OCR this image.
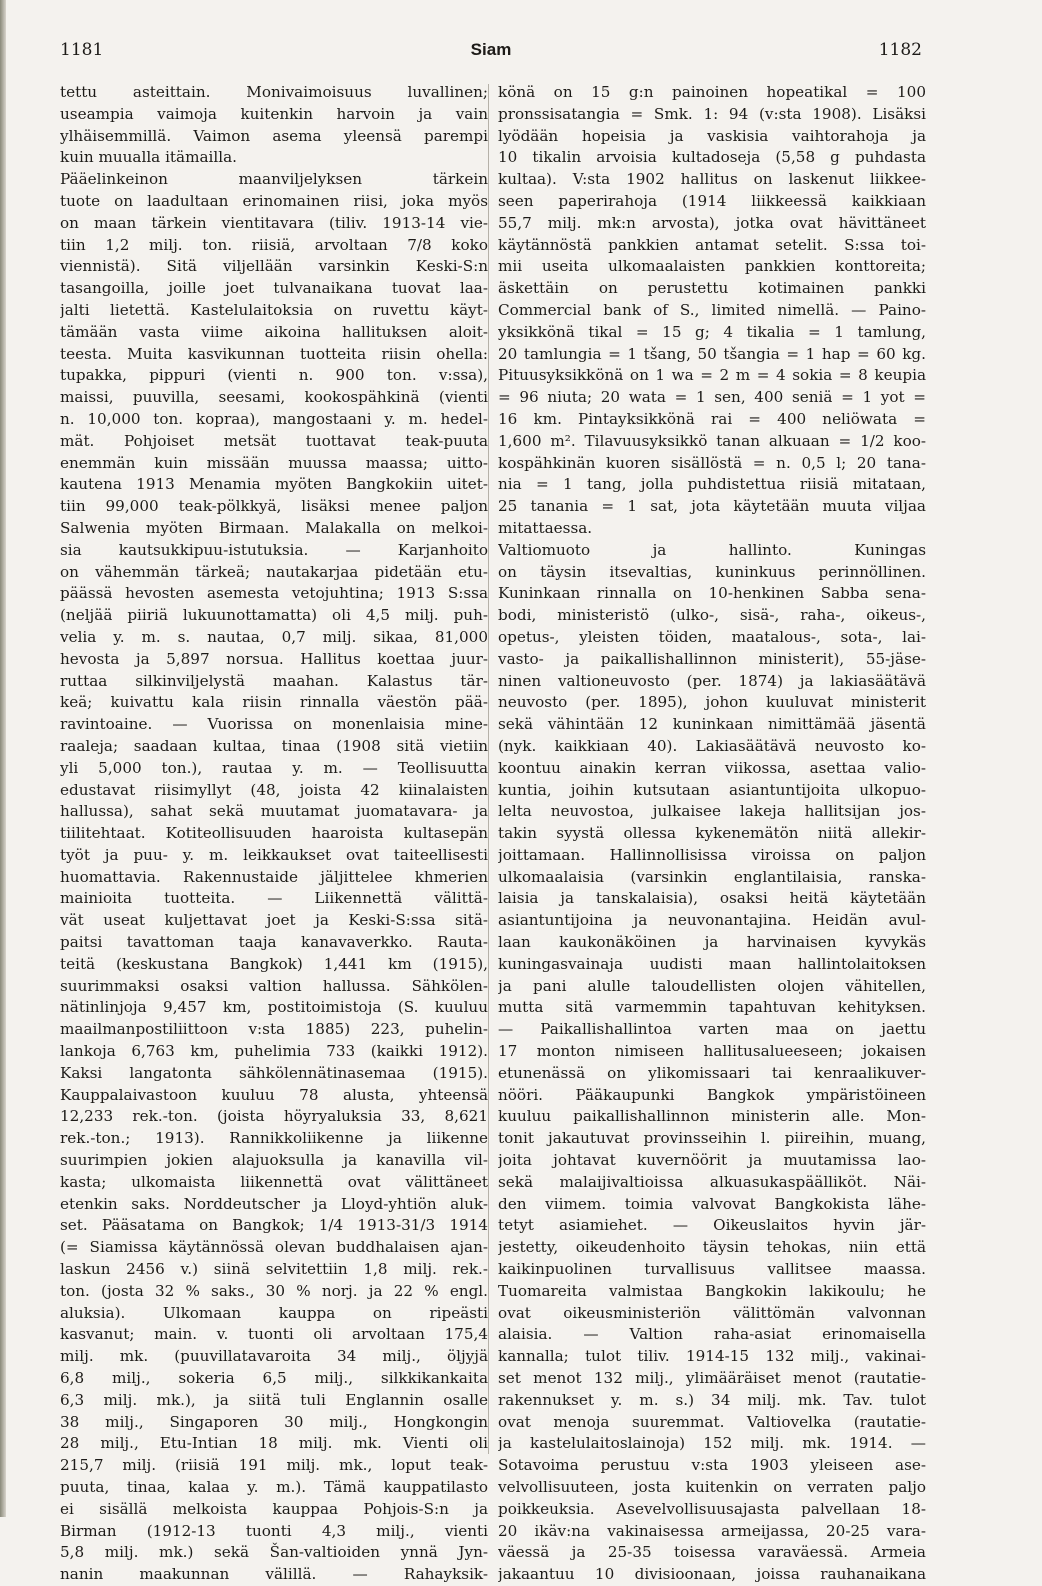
1181	Siam	1182
tettu asteittain. Monivaimoisuus luvallinen;
useampia vaimoja kuitenkin harvoin ja vain
ylhäisemmillä. Vaimon asema yleensä parempi
kuin muualla itämailla.
Pääelinkeinon maanviljelyksen tärkein
tuote on laadultaan erinomainen riisi, joka myös
on maan tärkein vientitavara (tiliv. 1913-14 vie-
tiin 1,2 milj. ton. riisiä, arvoltaan 7/8 koko
viennistä). Sitä viljellään varsinkin Keski-S:n
tasangoilla, joille joet tulvanaikana tuovat laa-
jalti lietettä. Kastelulaitoksia on ruvettu käyt-
tämään vasta viime aikoina hallituksen aloit-
teesta. Muita kasvikunnan tuotteita riisin ohella:
tupakka, pippuri (vienti n. 900 ton. v:ssa),
maissi, puuvilla, seesami, kookospähkinä (vienti
n. 10,000 ton. kopraa), mangostaani y. m. hedel-
mät. Pohjoiset metsät tuottavat teak-puuta
enemmän kuin missään muussa maassa; uitto-
kautena 1913 Menamia myöten Bangkokiin uitet-
tiin 99,000 teak-pölkkyä, lisäksi menee paljon
Salwenia myöten Birmaan. Malakalla on melkoi-
sia kautsukkipuu-istutuksia. — Karjanhoito
on vähemmän tärkeä; nautakarjaa pidetään etu-
päässä hevosten asemesta vetojuhtina; 1913 S:ssa
(neljää piiriä lukuunottamatta) oli 4,5 milj. puh-
velia y. m. s. nautaa, 0,7 milj. sikaa, 81,000
hevosta ja 5,897 norsua. Hallitus koettaa juur-
ruttaa silkinviljelystä maahan. Kalastus tär-
keä; kuivattu kala riisin rinnalla väestön pää-
ravintoaine. — Vuorissa on monenlaisia mine-
raaleja; saadaan kultaa, tinaa (1908 sitä vietiin
yli 5,000 ton.), rautaa y. m. — Teollisuutta
edustavat riisimyllyt (48, joista 42 kiinalaisten
hallussa), sahat sekä muutamat juomatavara- ja
tiilitehtaat. Kotiteollisuuden haaroista kultasepän
työt ja puu- y. m. leikkaukset ovat taiteellisesti
huomattavia. Rakennustaide jäljittelee khmerien
mainioita tuotteita. — Liikennettä välittä-
vät useat kuljettavat joet ja Keski-S:ssa sitä-
paitsi tavattoman taaja kanavaverkko. Rauta-
teitä (keskustana Bangkok) 1,441 km (1915),
suurimmaksi osaksi valtion hallussa. Sähkölen-
nätinlinjoja 9,457 km, postitoimistoja (S. kuuluu
maailmanpostiliittoon v:sta 1885) 223, puhelin-
lankoja 6,763 km, puhelimia 733 (kaikki 1912).
Kaksi langatonta sähkölennätinasemaa (1915).
Kauppalaivastoon kuuluu 78 alusta, yhteensä
12,233 rek.-ton. (joista höyryaluksia 33, 8,621
rek.-ton.; 1913). Rannikkoliikenne ja liikenne
suurimpien jokien alajuoksulla ja kanavilla vil-
kasta; ulkomaista liikennettä ovat välittäneet
etenkin saks. Norddeutscher ja Lloyd-yhtiön aluk-
set. Pääsatama on Bangkok; 1/4 1913-31/3 1914
(= Siamissa käytännössä olevan buddhalaisen ajan-
laskun 2456 v.) siinä selvitettiin 1,8 milj. rek.-
ton. (josta 32 % saks., 30 % norj. ja 22 % engl.
aluksia). Ulkomaan kauppa on ripeästi
kasvanut; main. v. tuonti oli arvoltaan 175,4
milj. mk. (puuvillatavaroita 34 milj., öljyjä
6,8 milj., sokeria 6,5 milj., silkkikankaita
6,3 milj. mk.), ja siitä tuli Englannin osalle
38 milj., Singaporen 30 milj., Hongkongin
28 milj., Etu-Intian 18 milj. mk. Vienti oli
215,7 milj. (riisiä 191 milj. mk., loput teak-
puuta, tinaa, kalaa y. m.). Tämä kauppatilasto
ei sisällä melkoista kauppaa Pohjois-S:n ja
Birman (1912-13 tuonti 4,3 milj., vienti
5,8 milj. mk.) sekä Šan-valtioiden ynnä Jyn-
nanin maakunnan välillä. — Rahayksik-
könä on 15 g:n painoinen hopeatikal = 100
pronssisatangia = Smk. 1: 94 (v:sta 1908). Lisäksi
lyödään hopeisia ja vaskisia vaihtorahoja ja
10 tikalin arvoisia kultadoseja (5,58 g puhdasta
kultaa). V:sta 1902 hallitus on laskenut liikkee-
seen paperirahoja (1914 liikkeessä kaikkiaan
55,7 milj. mk:n arvosta), jotka ovat hävittäneet
käytännöstä pankkien antamat setelit. S:ssa toi-
mii useita ulkomaalaisten pankkien konttoreita;
äskettäin on perustettu kotimainen pankki
Commercial bank of S., limited nimellä. — Paino-
yksikkönä tikal = 15 g; 4 tikalia = 1 tamlung,
20 tamlungia = 1 tšang, 50 tšangia = 1 hap = 60 kg.
Pituusyksikkönä on 1 wa = 2 m = 4 sokia = 8 keupia
= 96 niuta; 20 wata = 1 sen, 400 seniä = 1 yot =
16 km. Pintayksikkönä rai = 400 neliöwata =
1,600 m². Tilavuusyksikkö tanan alkuaan = 1/2 koo-
kospähkinän kuoren sisällöstä = n. 0,5 l; 20 tana-
nia = 1 tang, jolla puhdistettua riisiä mitataan,
25 tanania = 1 sat, jota käytetään muuta viljaa
mitattaessa.
Valtiomuoto ja hallinto. Kuningas
on täysin itsevaltias, kuninkuus perinnöllinen.
Kuninkaan rinnalla on 10-henkinen Sabba sena-
bodi, ministeristö (ulko-, sisä-, raha-, oikeus-,
opetus-, yleisten töiden, maatalous-, sota-, lai-
vasto- ja paikallishallinnon ministerit), 55-jäse-
ninen valtioneuvosto (per. 1874) ja lakiasäätävä
neuvosto (per. 1895), johon kuuluvat ministerit
sekä vähintään 12 kuninkaan nimittämää jäsentä
(nyk. kaikkiaan 40). Lakiasäätävä neuvosto ko-
koontuu ainakin kerran viikossa, asettaa valio-
kuntia, joihin kutsutaan asiantuntijoita ulkopuo-
lelta neuvostoa, julkaisee lakeja hallitsijan jos-
takin syystä ollessa kykenemätön niitä allekir-
joittamaan. Hallinnollisissa viroissa on paljon
ulkomaalaisia (varsinkin englantilaisia, ranska-
laisia ja tanskalaisia), osaksi heitä käytetään
asiantuntijoina ja neuvonantajina. Heidän avul-
laan kaukonäköinen ja harvinaisen kyvykäs
kuningasvainaja uudisti maan hallintolaitoksen
ja pani alulle taloudellisten olojen vähitellen,
mutta sitä varmemmin tapahtuvan kehityksen.
— Paikallishallintoa varten maa on jaettu
17 monton nimiseen hallitusalueeseen; jokaisen
etunenässä on ylikomissaari tai kenraalikuver-
nööri. Pääkaupunki Bangkok ympäristöineen
kuuluu paikallishallinnon ministerin alle. Mon-
tonit jakautuvat provinsseihin l. piireihin, muang,
joita johtavat kuvernöörit ja muutamissa lao-
sekä malaijivaltioissa alkuasukaspäälliköt. Näi-
den viimem. toimia valvovat Bangkokista lähe-
tetyt asiamiehet. — Oikeuslaitos hyvin jär-
jestetty, oikeudenhoito täysin tehokas, niin että
kaikinpuolinen turvallisuus vallitsee maassa.
Tuomareita valmistaa Bangkokin lakikoulu; he
ovat oikeusministeriön välittömän valvonnan
alaisia. — Valtion raha-asiat erinomaisella
kannalla; tulot tiliv. 1914-15 132 milj., vakinai-
set menot 132 milj., ylimääräiset menot (rautatie-
rakennukset y. m. s.) 34 milj. mk. Tav. tulot
ovat menoja suuremmat. Valtiovelka (rautatie-
ja kastelulaitoslainoja) 152 milj. mk. 1914. —
Sotavoima perustuu v:sta 1903 yleiseen ase-
velvollisuuteen, josta kuitenkin on verraten paljo
poikkeuksia. Asevelvollisuusajasta palvellaan 18-
20 ikäv:na vakinaisessa armeijassa, 20-25 vara-
väessä ja 25-35 toisessa varaväessä. Armeia
jakaantuu 10 divisioonaan, joissa rauhanaikana
